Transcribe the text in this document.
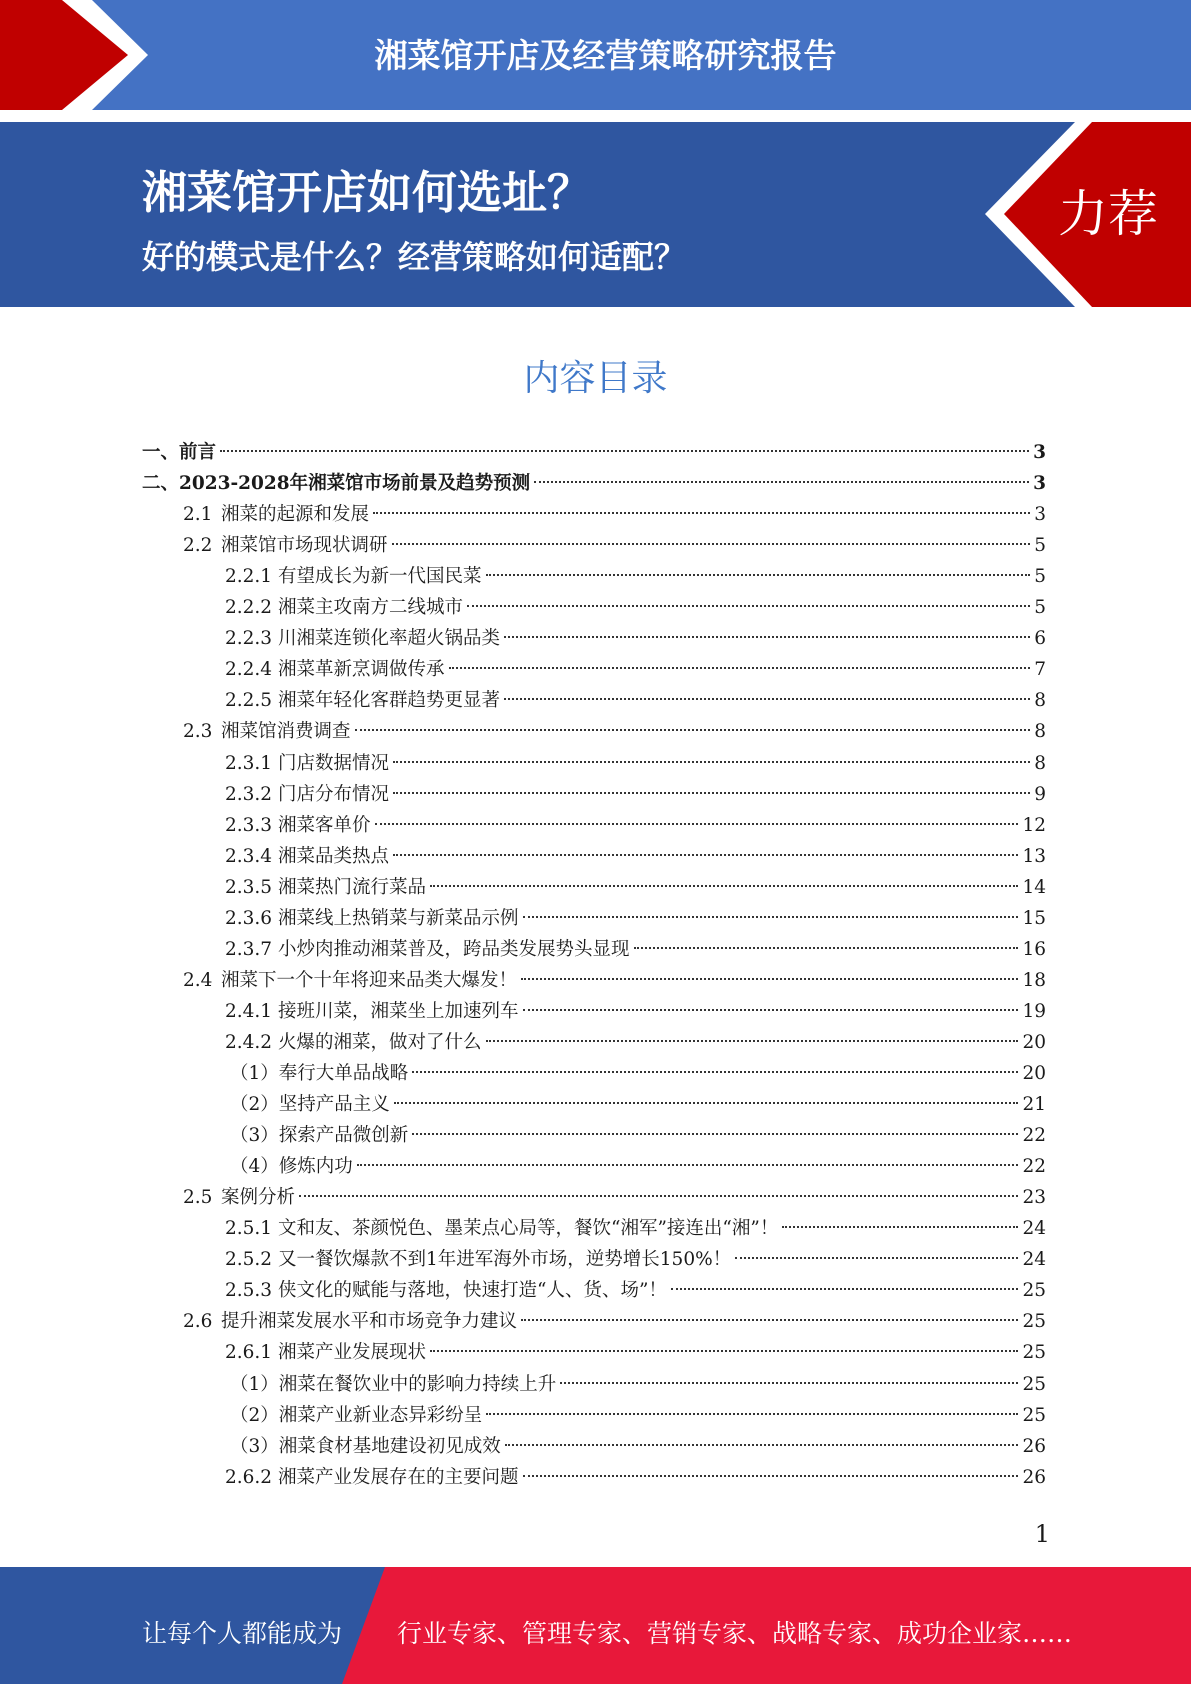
湘菜馆开店及经营策略研究报告
湘菜馆开店如何选址？
好的模式是什么？经营策略如何适配？
力荐
内容目录
一、 前言	3
二、 2023-2028年湘菜馆市场前景及趋势预测	3
2.1 湘菜的起源和发展	3
2.2 湘菜馆市场现状调研	5
2.2.1 有望成长为新一代国民菜	5
2.2.2 湘菜主攻南方二线城市	5
2.2.3 川湘菜连锁化率超火锅品类	6
2.2.4 湘菜革新烹调做传承	7
2.2.5 湘菜年轻化客群趋势更显著	8
2.3 湘菜馆消费调查	8
2.3.1 门店数据情况	8
2.3.2 门店分布情况	9
2.3.3 湘菜客单价	12
2.3.4 湘菜品类热点	13
2.3.5 湘菜热门流行菜品	14
2.3.6 湘菜线上热销菜与新菜品示例	15
2.3.7 小炒肉推动湘菜普及，跨品类发展势头显现	16
2.4 湘菜下一个十年将迎来品类大爆发！	18
2.4.1 接班川菜，湘菜坐上加速列车	19
2.4.2 火爆的湘菜，做对了什么	20
（1） 奉行大单品战略	20
（2） 坚持产品主义	21
（3） 探索产品微创新	22
（4） 修炼内功	22
2.5 案例分析	23
2.5.1 文和友、茶颜悦色、墨茉点心局等，餐饮“湘军”接连出“湘”！	24
2.5.2 又一餐饮爆款不到1年进军海外市场，逆势增长150%！	24
2.5.3 侠文化的赋能与落地，快速打造“人、货、场”！	25
2.6 提升湘菜发展水平和市场竞争力建议	25
2.6.1 湘菜产业发展现状	25
（1） 湘菜在餐饮业中的影响力持续上升	25
（2） 湘菜产业新业态异彩纷呈	25
（3） 湘菜食材基地建设初见成效	26
2.6.2 湘菜产业发展存在的主要问题	26
1
让每个人都能成为 行业专家、管理专家、营销专家、战略专家、成功企业家……
